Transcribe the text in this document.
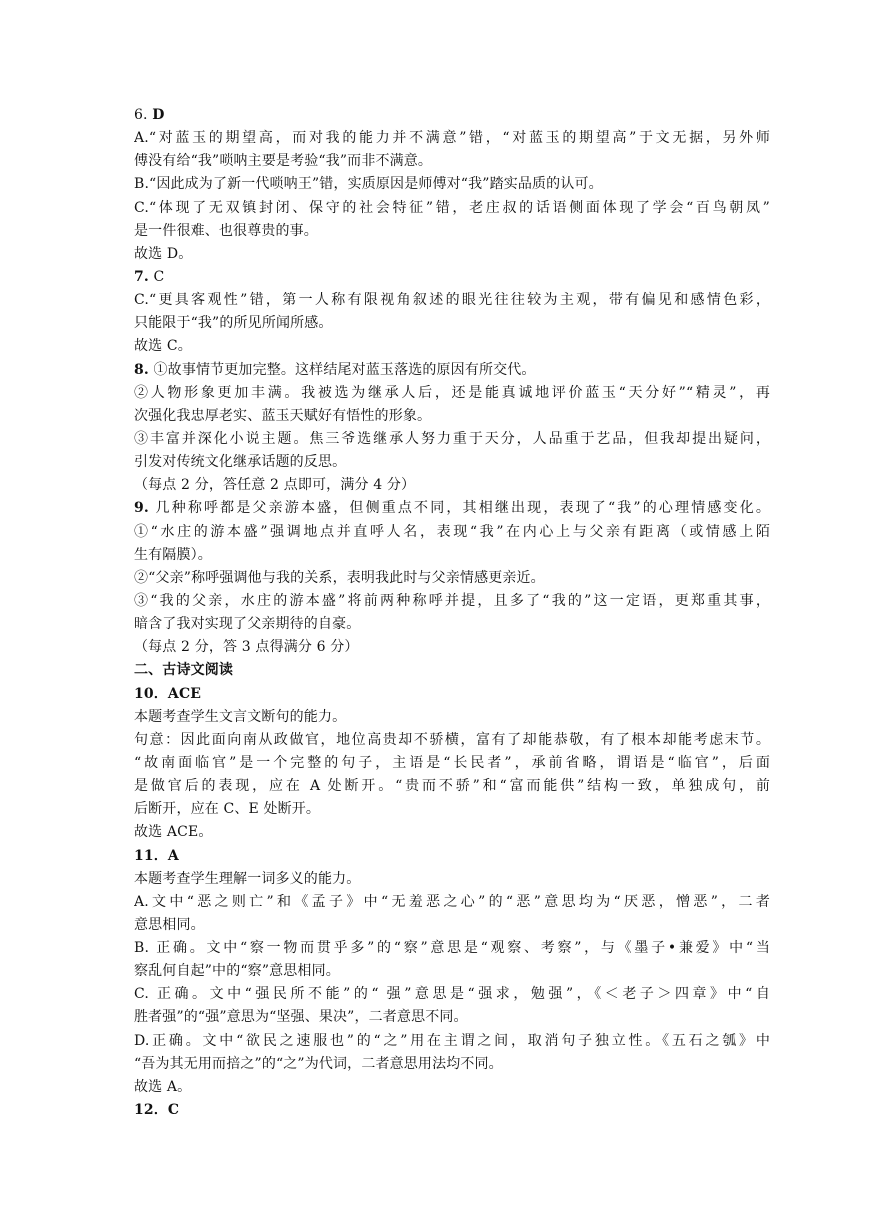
6. D
A.“对蓝玉的期望高，而对我的能力并不满意”错，“对蓝玉的期望高”于文无据，另外师
傅没有给“我”唢呐主要是考验“我”而非不满意。
B.“因此成为了新一代唢呐王”错，实质原因是师傅对“我”踏实品质的认可。
C.“体现了无双镇封闭、保守的社会特征”错，老庄叔的话语侧面体现了学会“百鸟朝凤”
是一件很难、也很尊贵的事。
故选 D。
7. C
C.“更具客观性”错，第一人称有限视角叙述的眼光往往较为主观，带有偏见和感情色彩，
只能限于“我”的所见所闻所感。
故选 C。
8. ①故事情节更加完整。这样结尾对蓝玉落选的原因有所交代。
②人物形象更加丰满。我被选为继承人后，还是能真诚地评价蓝玉“天分好”“精灵”，再
次强化我忠厚老实、蓝玉天赋好有悟性的形象。
③丰富并深化小说主题。焦三爷选继承人努力重于天分，人品重于艺品，但我却提出疑问，
引发对传统文化继承话题的反思。
（每点 2 分，答任意 2 点即可，满分 4 分）
9. 几种称呼都是父亲游本盛，但侧重点不同，其相继出现，表现了“我”的心理情感变化。
①“水庄的游本盛”强调地点并直呼人名，表现“我”在内心上与父亲有距离（或情感上陌
生有隔膜）。
②“父亲”称呼强调他与我的关系，表明我此时与父亲情感更亲近。
③“我的父亲，水庄的游本盛”将前两种称呼并提，且多了“我的”这一定语，更郑重其事，
暗含了我对实现了父亲期待的自豪。
（每点 2 分，答 3 点得满分 6 分）
二、古诗文阅读
10．ACE
本题考查学生文言文断句的能力。
句意：因此面向南从政做官，地位高贵却不骄横，富有了却能恭敬，有了根本却能考虑末节。
“故南面临官”是一个完整的句子，主语是“长民者”，承前省略，谓语是“临官”，后面
是做官后的表现，应在 A 处断开。“贵而不骄”和“富而能供”结构一致，单独成句，前
后断开，应在 C、E 处断开。
故选 ACE。
11．A
本题考查学生理解一词多义的能力。
A.文中“恶之则亡”和《孟子》中“无羞恶之心”的“恶”意思均为“厌恶，憎恶”，二者
意思相同。
B. 正确。文中“察一物而贯乎多”的“察”意思是“观察、考察”，与《墨子•兼爱》中“当
察乱何自起”中的“察”意思相同。
C. 正确。文中“强民所不能”的“ 强”意思是“强求，勉强”，《＜老子＞四章》中“自
胜者强”的“强”意思为“坚强、果决”，二者意思不同。
D.正确。文中“欲民之速服也”的“之”用在主谓之间，取消句子独立性。《五石之瓠》中
“吾为其无用而掊之”的“之”为代词，二者意思用法均不同。
故选 A。
12．C
